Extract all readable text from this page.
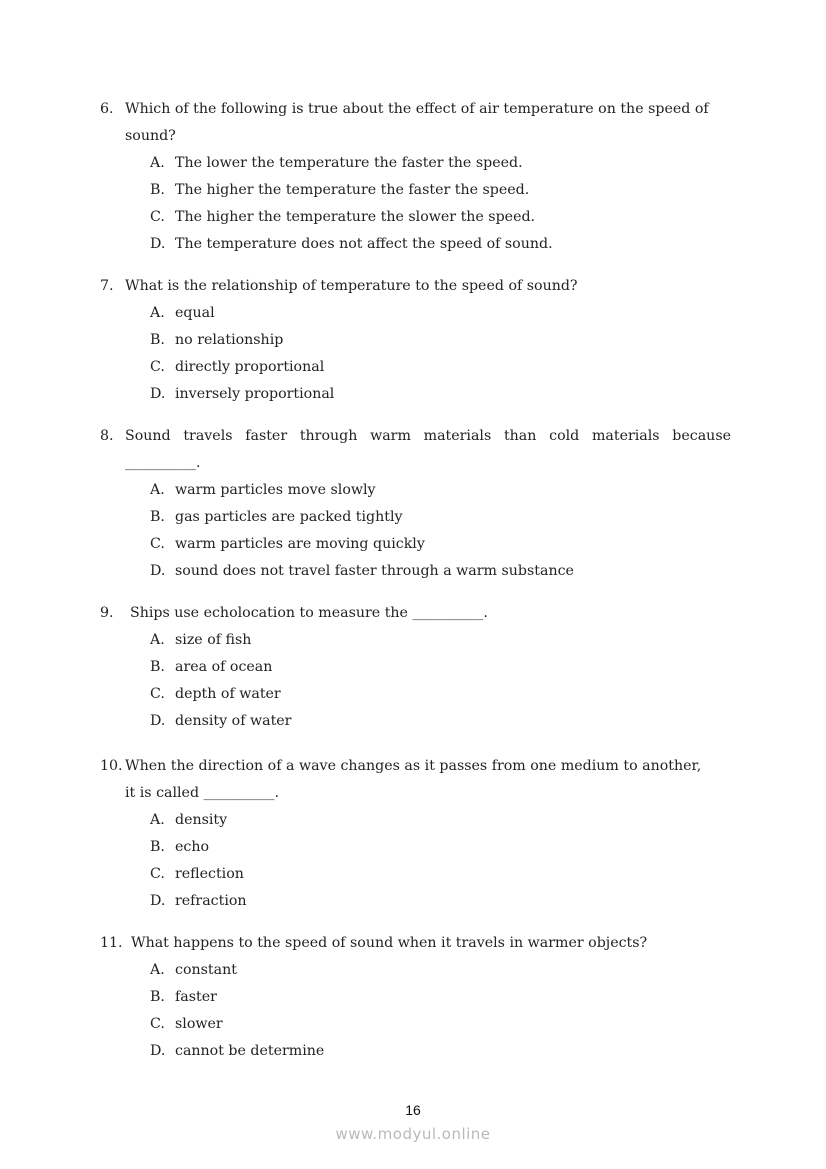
6. Which of the following is true about the effect of air temperature on the speed of
sound?
A. The lower the temperature the faster the speed.
B. The higher the temperature the faster the speed.
C. The higher the temperature the slower the speed.
D. The temperature does not affect the speed of sound.
7. What is the relationship of temperature to the speed of sound?
A. equal
B. no relationship
C. directly proportional
D. inversely proportional
8. Sound travels faster through warm materials than cold materials because
__________.
A. warm particles move slowly
B. gas particles are packed tightly
C. warm particles are moving quickly
D. sound does not travel faster through a warm substance
9. Ships use echolocation to measure the __________.
A. size of fish
B. area of ocean
C. depth of water
D. density of water
10. When the direction of a wave changes as it passes from one medium to another,
it is called __________.
A. density
B. echo
C. reflection
D. refraction
11. What happens to the speed of sound when it travels in warmer objects?
A. constant
B. faster
C. slower
D. cannot be determine
16
www.modyul.online
